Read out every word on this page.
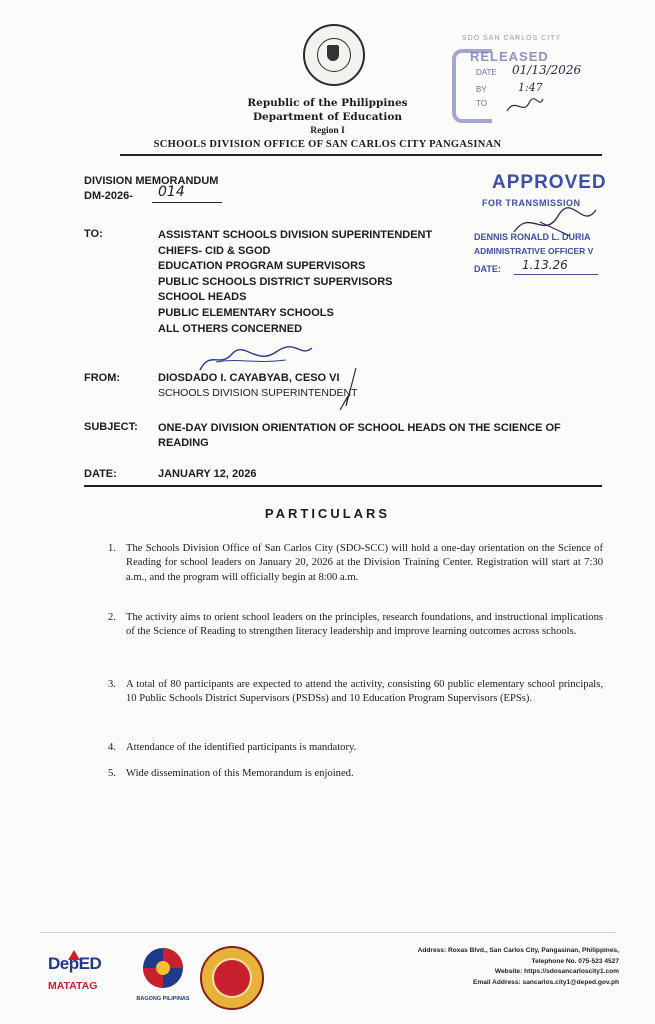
Republic of the Philippines
Department of Education
Region I
SCHOOLS DIVISION OFFICE OF SAN CARLOS CITY PANGASINAN
SDO SAN CARLOS CITY
RELEASED
DATE 01/13/2026
BY	1:47
TO
DIVISION MEMORANDUM
DM-2026- 014	APPROVED
FOR TRANSMISSION
DENNIS RONALD L. DURIA
ADMINISTRATIVE OFFICER V
DATE: 1.13.26
TO:	ASSISTANT SCHOOLS DIVISION SUPERINTENDENT
CHIEFS- CID & SGOD
EDUCATION PROGRAM SUPERVISORS
PUBLIC SCHOOLS DISTRICT SUPERVISORS
SCHOOL HEADS
PUBLIC ELEMENTARY SCHOOLS
ALL OTHERS CONCERNED
FROM:	DIOSDADO I. CAYABYAB, CESO VI
SCHOOLS DIVISION SUPERINTENDENT
SUBJECT: ONE-DAY DIVISION ORIENTATION OF SCHOOL HEADS ON THE SCIENCE OF READING
DATE:	JANUARY 12, 2026
PARTICULARS
1. The Schools Division Office of San Carlos City (SDO-SCC) will hold a one-day orientation on the Science of Reading for school leaders on January 20, 2026 at the Division Training Center. Registration will start at 7:30 a.m., and the program will officially begin at 8:00 a.m.
2. The activity aims to orient school leaders on the principles, research foundations, and instructional implications of the Science of Reading to strengthen literacy leadership and improve learning outcomes across schools.
3. A total of 80 participants are expected to attend the activity, consisting 60 public elementary school principals, 10 Public Schools District Supervisors (PSDSs) and 10 Education Program Supervisors (EPSs).
4. Attendance of the identified participants is mandatory.
5. Wide dissemination of this Memorandum is enjoined.
DepED
MATATAG
BAGONG PILIPINAS
Address: Roxas Blvd., San Carlos City, Pangasinan, Philippines,
Telephone No. 075-523 4527
Website: https://sdosancarloscity1.com
Email Address: sancarlos.city1@deped.gov.ph
